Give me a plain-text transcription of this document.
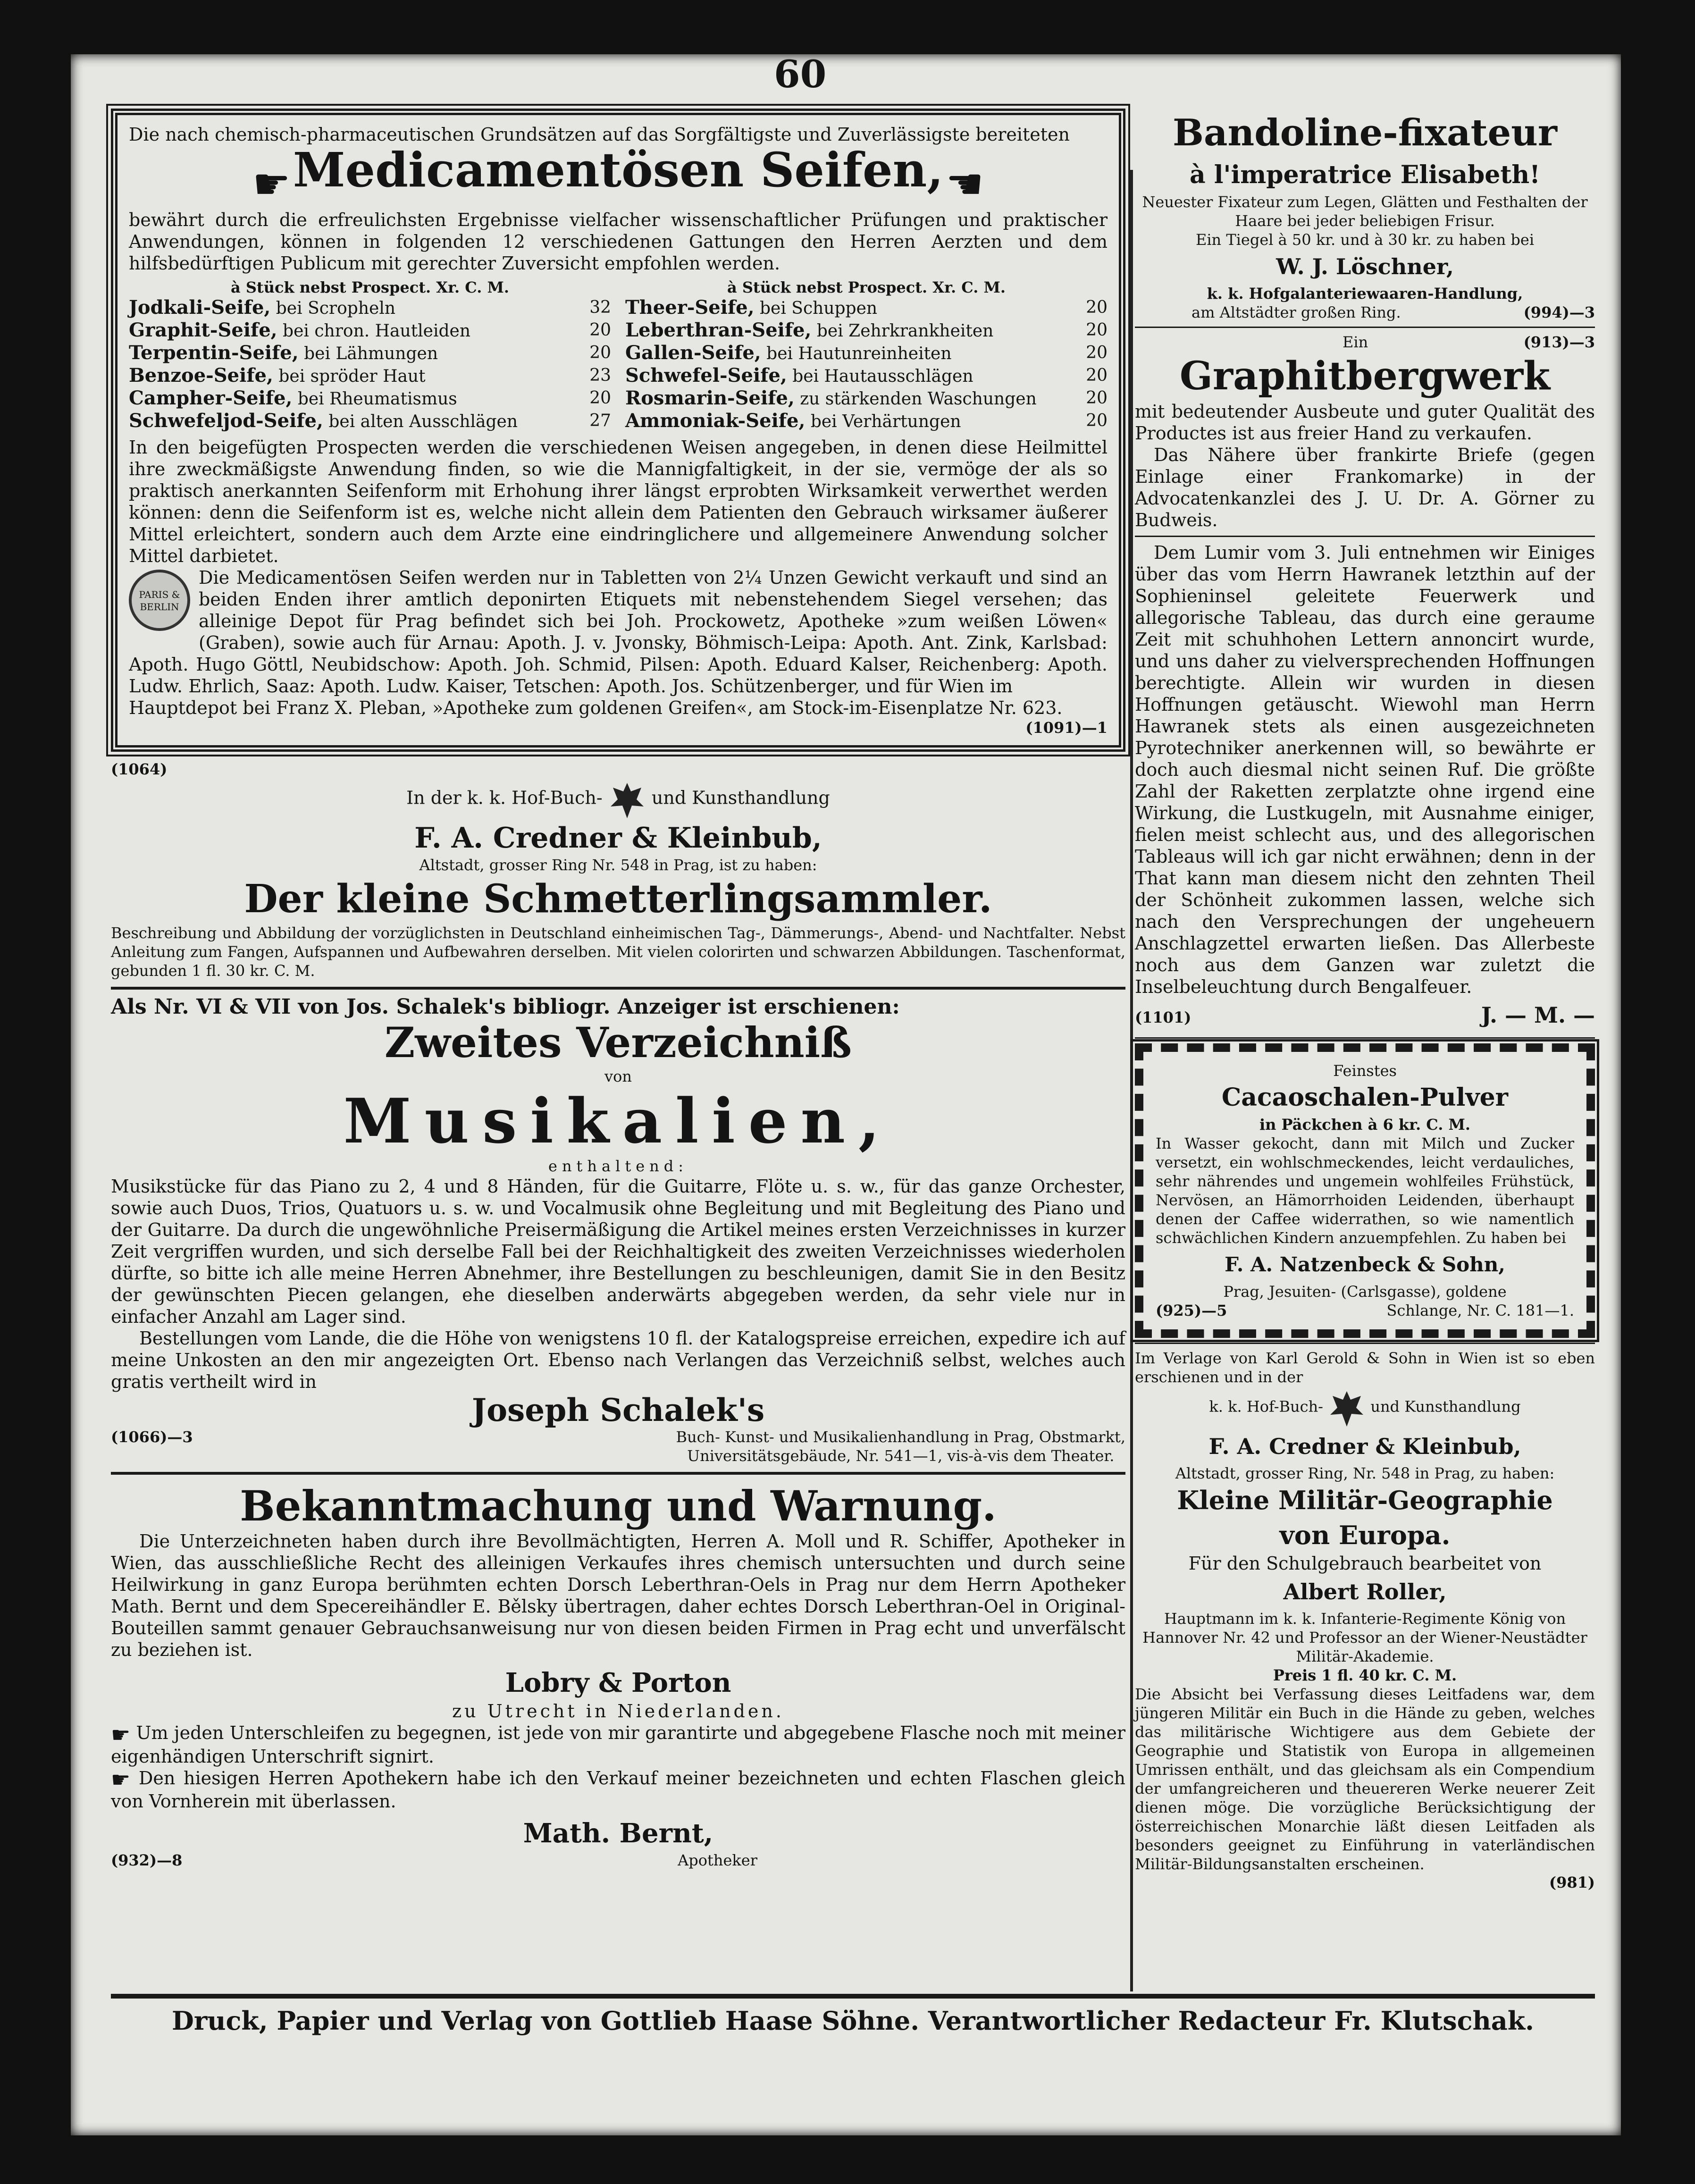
60

Die nach chemisch-pharmaceutischen Grundsätzen auf das Sorgfältigste und Zuverlässigste bereiteten

☛ Medicamentösen Seifen, ☚

bewährt durch die erfreulichsten Ergebnisse vielfacher wissenschaftlicher Prüfungen und praktischer Anwendungen, können in folgenden 12 verschiedenen Gattungen den Herren Aerzten und dem hilfsbedürftigen Publicum mit gerechter Zuversicht empfohlen werden.

à Stück nebst Prospect. Xr. C. M.

Jodkali-Seife, bei Scropheln	32
Graphit-Seife, bei chron. Hautleiden	20
Terpentin-Seife, bei Lähmungen	20
Benzoe-Seife, bei spröder Haut	23
Campher-Seife, bei Rheumatismus	20
Schwefeljod-Seife, bei alten Ausschlägen	27

à Stück nebst Prospect. Xr. C. M.

Theer-Seife, bei Schuppen	20
Leberthran-Seife, bei Zehrkrankheiten	20
Gallen-Seife, bei Hautunreinheiten	20
Schwefel-Seife, bei Hautausschlägen	20
Rosmarin-Seife, zu stärkenden Waschungen	20
Ammoniak-Seife, bei Verhärtungen	20

In den beigefügten Prospecten werden die verschiedenen Weisen angegeben, in denen diese Heilmittel ihre zweckmäßigste Anwendung finden, so wie die Mannigfaltigkeit, in der sie, vermöge der als so praktisch anerkannten Seifenform mit Erhohung ihrer längst erprobten Wirksamkeit verwerthet werden können: denn die Seifenform ist es, welche nicht allein dem Patienten den Gebrauch wirksamer äußerer Mittel erleichtert, sondern auch dem Arzte eine eindringlichere und allgemeinere Anwendung solcher Mittel darbietet.

PARIS & BERLIN

Die Medicamentösen Seifen werden nur in Tabletten von 2¼ Unzen Gewicht verkauft und sind an beiden Enden ihrer amtlich deponirten Etiquets mit nebenstehendem Siegel versehen; das alleinige Depot für Prag befindet sich bei Joh. Prockowetz, Apotheke »zum weißen Löwen« (Graben), sowie auch für Arnau: Apoth. J. v. Jvonsky, Böhmisch-Leipa: Apoth. Ant. Zink, Karlsbad: Apoth. Hugo Göttl, Neubidschow: Apoth. Joh. Schmid, Pilsen: Apoth. Eduard Kalser, Reichenberg: Apoth. Ludw. Ehrlich, Saaz: Apoth. Ludw. Kaiser, Tetschen: Apoth. Jos. Schützenberger, und für Wien im

Hauptdepot bei Franz X. Pleban, »Apotheke zum goldenen Greifen«, am Stock-im-Eisenplatze Nr. 623.

(1091)—1

(1064)

In der k. k. Hof-Buch-	und Kunsthandlung

F. A. Credner & Kleinbub,

Altstadt, grosser Ring Nr. 548 in Prag, ist zu haben:

Der kleine Schmetterlingsammler.

Beschreibung und Abbildung der vorzüglichsten in Deutschland einheimischen Tag-, Dämmerungs-, Abend- und Nachtfalter. Nebst Anleitung zum Fangen, Aufspannen und Aufbewahren derselben. Mit vielen colorirten und schwarzen Abbildungen. Taschenformat, gebunden 1 fl. 30 kr. C. M.

Als Nr. VI & VII von Jos. Schalek's bibliogr. Anzeiger ist erschienen:

Zweites Verzeichniß

von

Musikalien,

enthaltend:

Musikstücke für das Piano zu 2, 4 und 8 Händen, für die Guitarre, Flöte u. s. w., für das ganze Orchester, sowie auch Duos, Trios, Quatuors u. s. w. und Vocalmusik ohne Begleitung und mit Begleitung des Piano und der Guitarre. Da durch die ungewöhnliche Preisermäßigung die Artikel meines ersten Verzeichnisses in kurzer Zeit vergriffen wurden, und sich derselbe Fall bei der Reichhaltigkeit des zweiten Verzeichnisses wiederholen dürfte, so bitte ich alle meine Herren Abnehmer, ihre Bestellungen zu beschleunigen, damit Sie in den Besitz der gewünschten Piecen gelangen, ehe dieselben anderwärts abgegeben werden, da sehr viele nur in einfacher Anzahl am Lager sind.

Bestellungen vom Lande, die die Höhe von wenigstens 10 fl. der Katalogspreise erreichen, expedire ich auf meine Unkosten an den mir angezeigten Ort. Ebenso nach Verlangen das Verzeichniß selbst, welches auch gratis vertheilt wird in

Joseph Schalek's

(1066)—3	Buch- Kunst- und Musikalienhandlung in Prag, Obstmarkt,
Universitätsgebäude, Nr. 541—1, vis-à-vis dem Theater.

Bekanntmachung und Warnung.

Die Unterzeichneten haben durch ihre Bevollmächtigten, Herren A. Moll und R. Schiffer, Apotheker in Wien, das ausschließliche Recht des alleinigen Verkaufes ihres chemisch untersuchten und durch seine Heilwirkung in ganz Europa berühmten echten Dorsch Leberthran-Oels in Prag nur dem Herrn Apotheker Math. Bernt und dem Specereihändler E. Bělsky übertragen, daher echtes Dorsch Leberthran-Oel in Original-Bouteillen sammt genauer Gebrauchsanweisung nur von diesen beiden Firmen in Prag echt und unverfälscht zu beziehen ist.

Lobry & Porton

zu Utrecht in Niederlanden.

☛ Um jeden Unterschleifen zu begegnen, ist jede von mir garantirte und abgegebene Flasche noch mit meiner eigenhändigen Unterschrift signirt.

☛ Den hiesigen Herren Apothekern habe ich den Verkauf meiner bezeichneten und echten Flaschen gleich von Vornherein mit überlassen.

Math. Bernt,

(932)—8	Apotheker

Bandoline-fixateur

à l'imperatrice Elisabeth!

Neuester Fixateur zum Legen, Glätten und Festhalten der Haare bei jeder beliebigen Frisur.

Ein Tiegel à 50 kr. und à 30 kr. zu haben bei

W. J. Löschner,

k. k. Hofgalanteriewaaren-Handlung,

am Altstädter großen Ring.	(994)—3
Ein	(913)—3

Graphitbergwerk

mit bedeutender Ausbeute und guter Qualität des Productes ist aus freier Hand zu verkaufen.

Das Nähere über frankirte Briefe (gegen Einlage einer Frankomarke) in der Advocatenkanzlei des J. U. Dr. A. Görner zu Budweis.

Dem Lumir vom 3. Juli entnehmen wir Einiges über das vom Herrn Hawranek letzthin auf der Sophieninsel geleitete Feuerwerk und allegorische Tableau, das durch eine geraume Zeit mit schuhhohen Lettern annoncirt wurde, und uns daher zu vielversprechenden Hoffnungen berechtigte. Allein wir wurden in diesen Hoffnungen getäuscht. Wiewohl man Herrn Hawranek stets als einen ausgezeichneten Pyrotechniker anerkennen will, so bewährte er doch auch diesmal nicht seinen Ruf. Die größte Zahl der Raketten zerplatzte ohne irgend eine Wirkung, die Lustkugeln, mit Ausnahme einiger, fielen meist schlecht aus, und des allegorischen Tableaus will ich gar nicht erwähnen; denn in der That kann man diesem nicht den zehnten Theil der Schönheit zukommen lassen, welche sich nach den Versprechungen der ungeheuern Anschlagzettel erwarten ließen. Das Allerbeste noch aus dem Ganzen war zuletzt die Inselbeleuchtung durch Bengalfeuer.

(1101)	J. — M. —

Feinstes

Cacaoschalen-Pulver

in Päckchen à 6 kr. C. M.

In Wasser gekocht, dann mit Milch und Zucker versetzt, ein wohlschmeckendes, leicht verdauliches, sehr nährendes und ungemein wohlfeiles Frühstück, Nervösen, an Hämorrhoiden Leidenden, überhaupt denen der Caffee widerrathen, so wie namentlich schwächlichen Kindern anzuempfehlen. Zu haben bei

F. A. Natzenbeck & Sohn,

Prag, Jesuiten- (Carlsgasse), goldene

(925)—5	Schlange, Nr. C. 181—1.

Im Verlage von Karl Gerold & Sohn in Wien ist so eben erschienen und in der

k. k. Hof-Buch-	und Kunsthandlung

F. A. Credner & Kleinbub,

Altstadt, grosser Ring, Nr. 548 in Prag, zu haben:

Kleine Militär-Geographie

von Europa.

Für den Schulgebrauch bearbeitet von

Albert Roller,

Hauptmann im k. k. Infanterie-Regimente König von Hannover Nr. 42 und Professor an der Wiener-Neustädter Militär-Akademie.

Preis 1 fl. 40 kr. C. M.

Die Absicht bei Verfassung dieses Leitfadens war, dem jüngeren Militär ein Buch in die Hände zu geben, welches das militärische Wichtigere aus dem Gebiete der Geographie und Statistik von Europa in allgemeinen Umrissen enthält, und das gleichsam als ein Compendium der umfangreicheren und theuereren Werke neuerer Zeit dienen möge. Die vorzügliche Berücksichtigung der österreichischen Monarchie läßt diesen Leitfaden als besonders geeignet zu Einführung in vaterländischen Militär-Bildungsanstalten erscheinen.

(981)

Druck, Papier und Verlag von Gottlieb Haase Söhne. Verantwortlicher Redacteur Fr. Klutschak.
